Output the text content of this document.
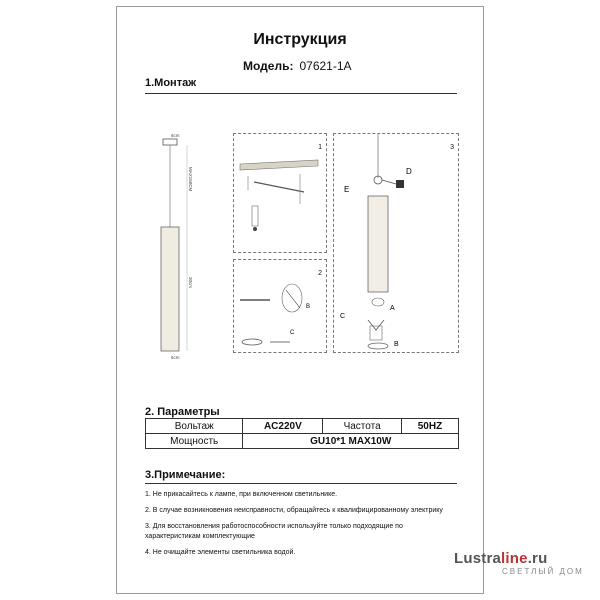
Инструкция
Модель: 07621-1A
1.Монтаж
6cm
MAX150CM
30cm
6cm
1
2
B
C
3
D
E
A
C
B
2. Параметры
Вольтаж	AC220V	Частота	50HZ
Мощность	GU10*1 MAX10W		
3.Примечание:
1. Не прикасайтесь к лампе, при включенном светильнике.
2. В случае возникновения неисправности, обращайтесь к квалифицированному электрику
3. Для восстановления работоспособности используйте только подходящие по характеристикам комплектующие
4. Не очищайте элементы светильника водой.	Lustraline.ru
СВЕТЛЫЙ ДОМ
